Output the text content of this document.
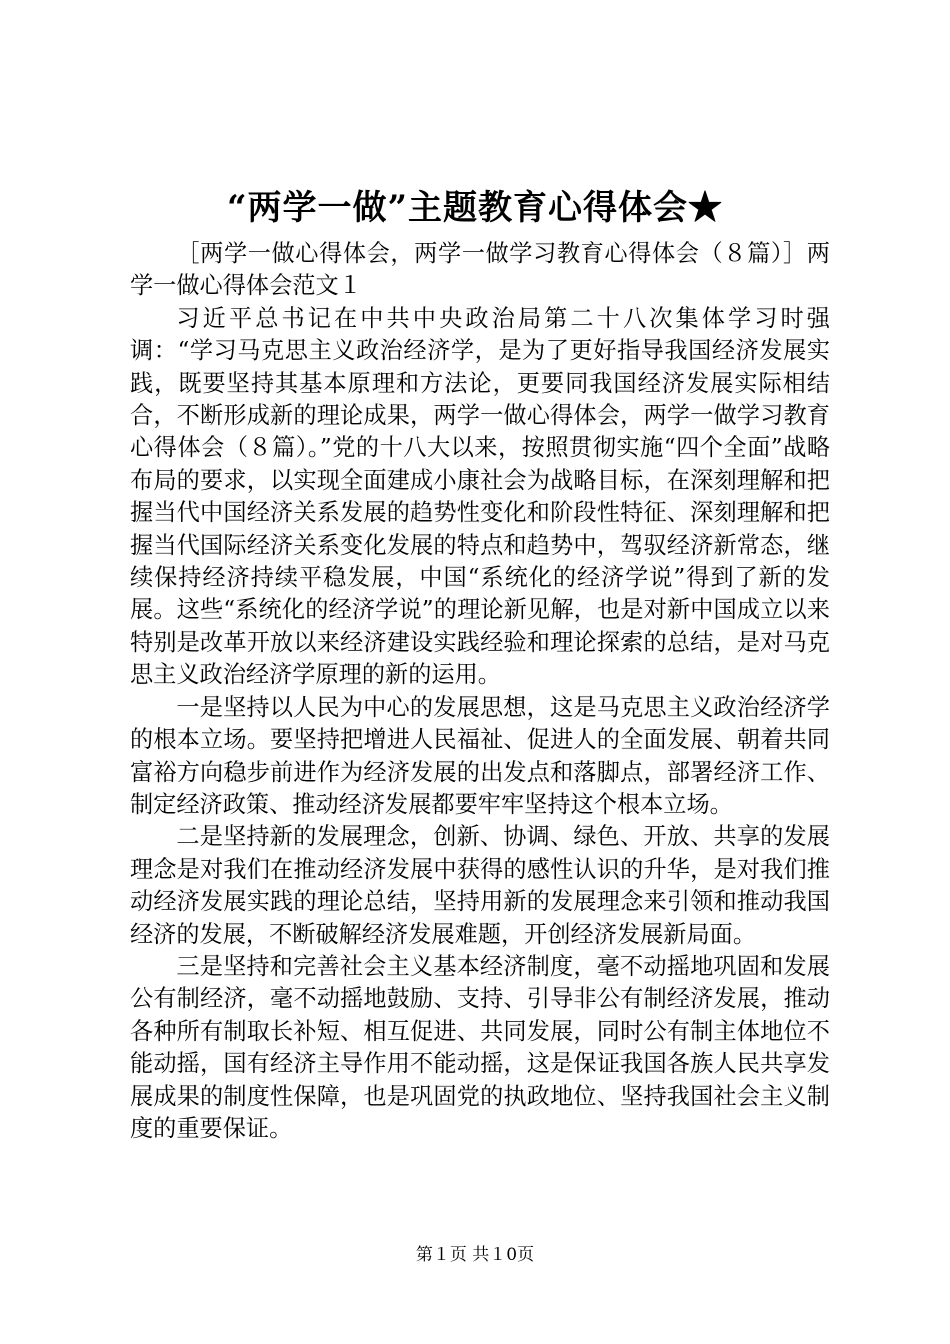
“两学一做”主题教育心得体会★

［两学一做心得体会，两学一做学习教育心得体会（８篇）］两学一做心得体会范文１

习近平总书记在中共中央政治局第二十八次集体学习时强调：“学习马克思主义政治经济学，是为了更好指导我国经济发展实践，既要坚持其基本原理和方法论，更要同我国经济发展实际相结合，不断形成新的理论成果，两学一做心得体会，两学一做学习教育心得体会（８篇）。”党的十八大以来，按照贯彻实施“四个全面”战略布局的要求，以实现全面建成小康社会为战略目标，在深刻理解和把握当代中国经济关系发展的趋势性变化和阶段性特征、深刻理解和把握当代国际经济关系变化发展的特点和趋势中，驾驭经济新常态，继续保持经济持续平稳发展，中国“系统化的经济学说”得到了新的发展。这些“系统化的经济学说”的理论新见解，也是对新中国成立以来特别是改革开放以来经济建设实践经验和理论探索的总结，是对马克思主义政治经济学原理的新的运用。

一是坚持以人民为中心的发展思想，这是马克思主义政治经济学的根本立场。要坚持把增进人民福祉、促进人的全面发展、朝着共同富裕方向稳步前进作为经济发展的出发点和落脚点，部署经济工作、制定经济政策、推动经济发展都要牢牢坚持这个根本立场。

二是坚持新的发展理念，创新、协调、绿色、开放、共享的发展理念是对我们在推动经济发展中获得的感性认识的升华，是对我们推动经济发展实践的理论总结，坚持用新的发展理念来引领和推动我国经济的发展，不断破解经济发展难题，开创经济发展新局面。

三是坚持和完善社会主义基本经济制度，毫不动摇地巩固和发展公有制经济，毫不动摇地鼓励、支持、引导非公有制经济发展，推动各种所有制取长补短、相互促进、共同发展，同时公有制主体地位不能动摇，国有经济主导作用不能动摇，这是保证我国各族人民共享发展成果的制度性保障，也是巩固党的执政地位、坚持我国社会主义制度的重要保证。

第１页 共１0页
